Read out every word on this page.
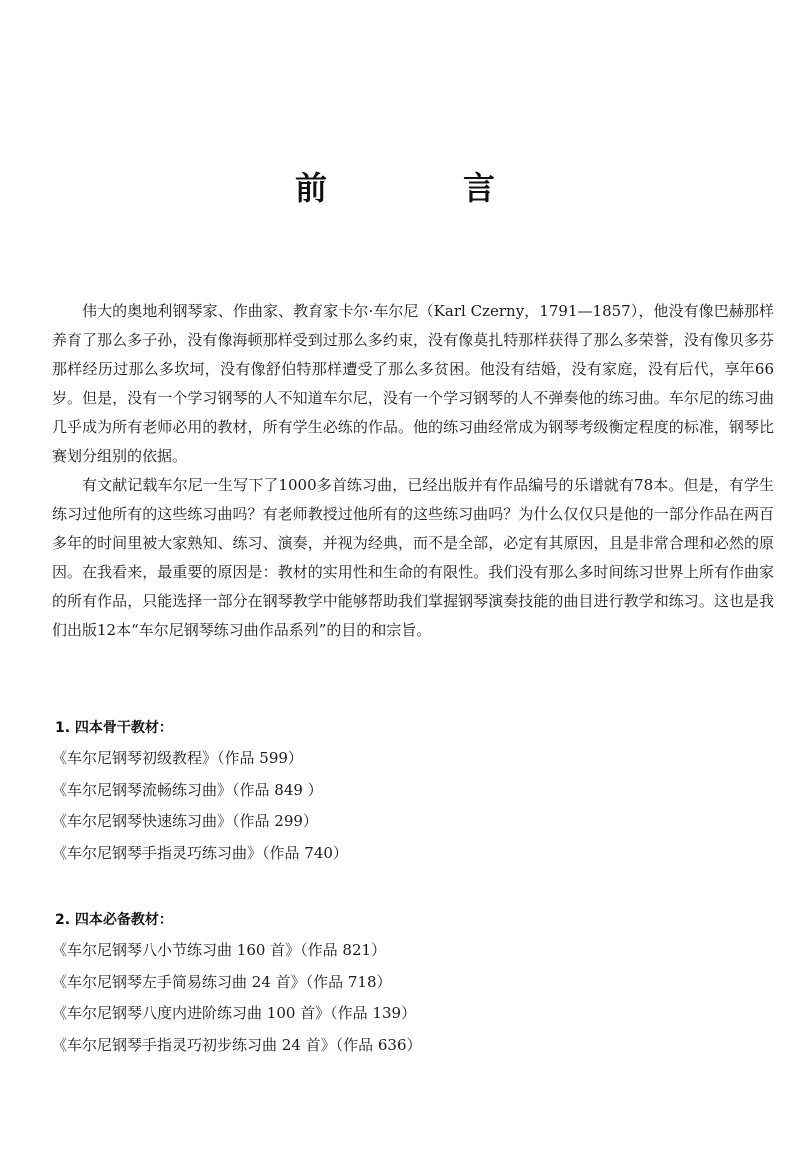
前　言

伟大的奥地利钢琴家、作曲家、教育家卡尔·车尔尼（Karl Czerny，1791—1857），他没有像巴赫那样养育了那么多子孙，没有像海顿那样受到过那么多约束，没有像莫扎特那样获得了那么多荣誉，没有像贝多芬那样经历过那么多坎坷，没有像舒伯特那样遭受了那么多贫困。他没有结婚，没有家庭，没有后代，享年66岁。但是，没有一个学习钢琴的人不知道车尔尼，没有一个学习钢琴的人不弹奏他的练习曲。车尔尼的练习曲几乎成为所有老师必用的教材，所有学生必练的作品。他的练习曲经常成为钢琴考级衡定程度的标准，钢琴比赛划分组别的依据。

有文献记载车尔尼一生写下了1000多首练习曲，已经出版并有作品编号的乐谱就有78本。但是，有学生练习过他所有的这些练习曲吗？有老师教授过他所有的这些练习曲吗？为什么仅仅只是他的一部分作品在两百多年的时间里被大家熟知、练习、演奏，并视为经典，而不是全部，必定有其原因，且是非常合理和必然的原因。在我看来，最重要的原因是：教材的实用性和生命的有限性。我们没有那么多时间练习世界上所有作曲家的所有作品，只能选择一部分在钢琴教学中能够帮助我们掌握钢琴演奏技能的曲目进行教学和练习。这也是我们出版12本“车尔尼钢琴练习曲作品系列”的目的和宗旨。

1. 四本骨干教材：
《车尔尼钢琴初级教程》（作品 599）
《车尔尼钢琴流畅练习曲》（作品 849 ）
《车尔尼钢琴快速练习曲》（作品 299）
《车尔尼钢琴手指灵巧练习曲》（作品 740）
2. 四本必备教材：
《车尔尼钢琴八小节练习曲 160 首》（作品 821）
《车尔尼钢琴左手简易练习曲 24 首》（作品 718）
《车尔尼钢琴八度内进阶练习曲 100 首》（作品 139）
《车尔尼钢琴手指灵巧初步练习曲 24 首》（作品 636）
